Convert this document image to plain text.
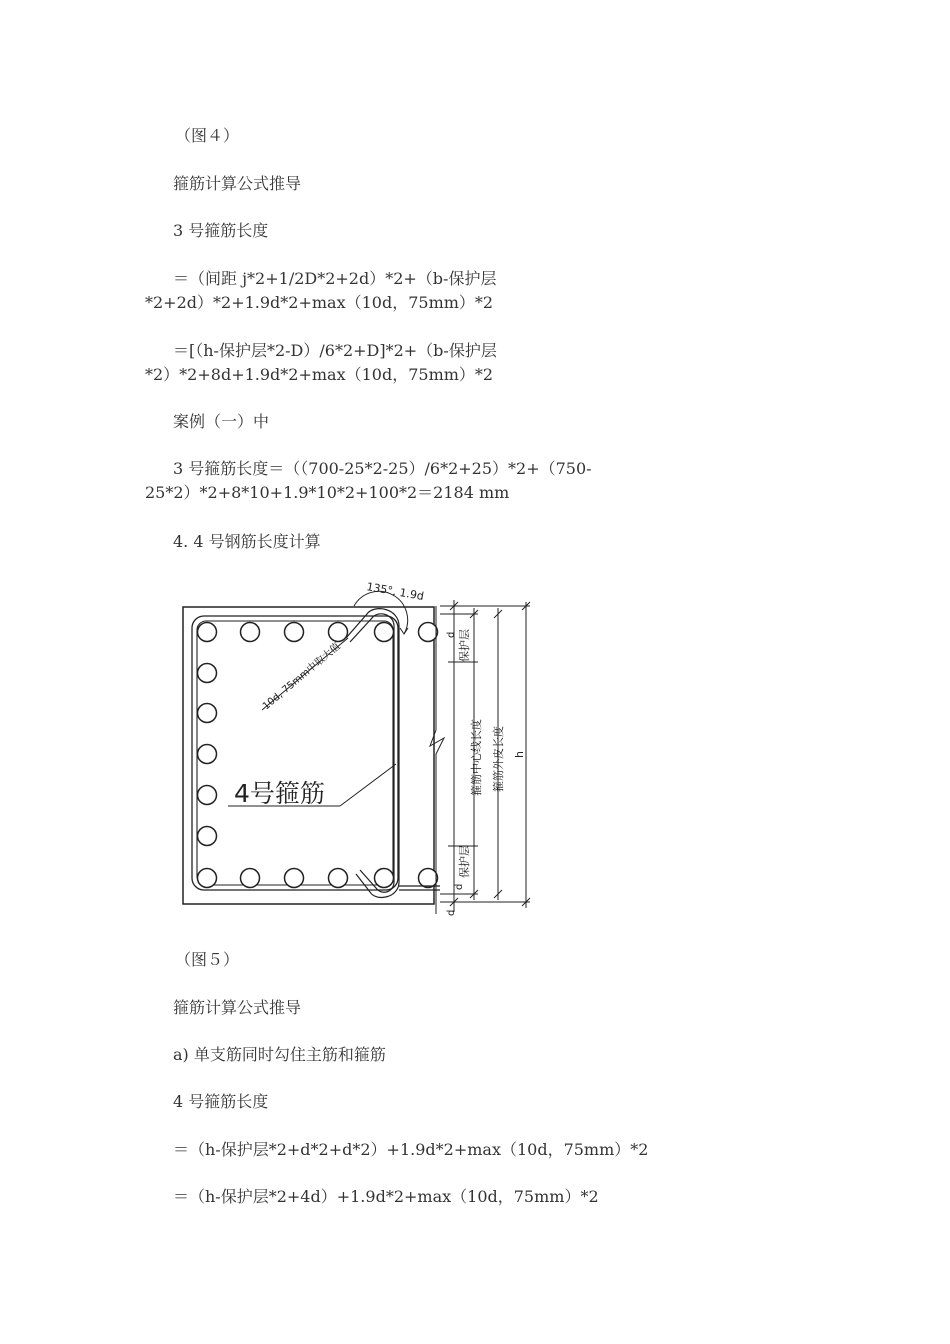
（图４）
箍筋计算公式推导
3 号箍筋长度
＝（间距 j*2+1/2D*2+2d）*2+（b-保护层
*2+2d）*2+1.9d*2+max（10d，75mm）*2
＝[（h-保护层*2-D）/6*2+D]*2+（b-保护层
*2）*2+8d+1.9d*2+max（10d，75mm）*2
案例（一）中
3 号箍筋长度＝（（700-25*2-25）/6*2+25）*2+（750-
25*2）*2+8*10+1.9*10*2+100*2＝2184 mm
4. 4 号钢筋长度计算
135°, 1.9d
10d, 75mm中取大值
4号箍筋
d 保护层
箍筋中心线长度 箍筋外皮长度 h
保护层
d
d
（图５）
箍筋计算公式推导
a) 单支筋同时勾住主筋和箍筋
4 号箍筋长度
＝（h-保护层*2+d*2+d*2）+1.9d*2+max（10d，75mm）*2
＝（h-保护层*2+4d）+1.9d*2+max（10d，75mm）*2
